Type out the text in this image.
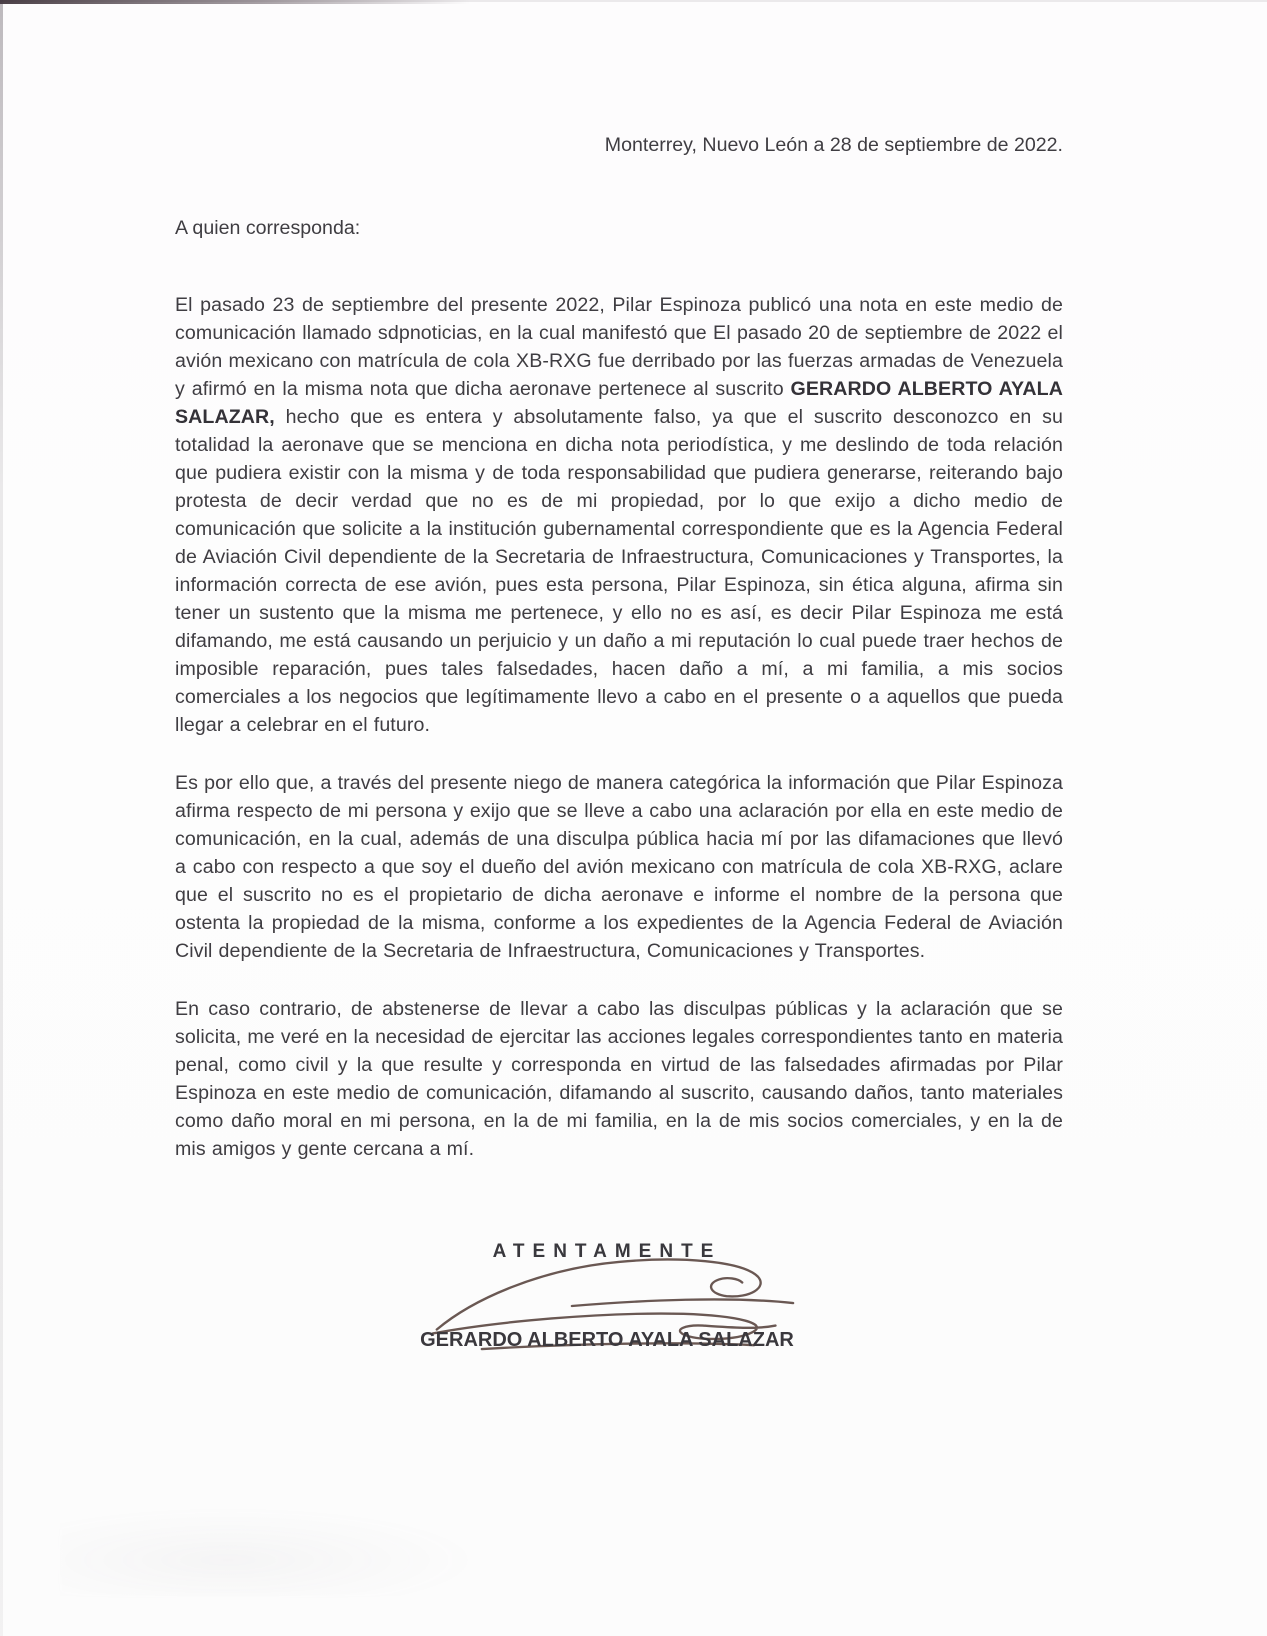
Monterrey, Nuevo León a 28 de septiembre de 2022.

A quien corresponda:

El pasado 23 de septiembre del presente 2022, Pilar Espinoza publicó una nota en este medio de comunicación llamado sdpnoticias, en la cual manifestó que El pasado 20 de septiembre de 2022 el avión mexicano con matrícula de cola XB-RXG fue derribado por las fuerzas armadas de Venezuela y afirmó en la misma nota que dicha aeronave pertenece al suscrito GERARDO ALBERTO AYALA SALAZAR, hecho que es entera y absolutamente falso, ya que el suscrito desconozco en su totalidad la aeronave que se menciona en dicha nota periodística, y me deslindo de toda relación que pudiera existir con la misma y de toda responsabilidad que pudiera generarse, reiterando bajo protesta de decir verdad que no es de mi propiedad, por lo que exijo a dicho medio de comunicación que solicite a la institución gubernamental correspondiente que es la Agencia Federal de Aviación Civil dependiente de la Secretaria de Infraestructura, Comunicaciones y Transportes, la información correcta de ese avión, pues esta persona, Pilar Espinoza, sin ética alguna, afirma sin tener un sustento que la misma me pertenece, y ello no es así, es decir Pilar Espinoza me está difamando, me está causando un perjuicio y un daño a mi reputación lo cual puede traer hechos de imposible reparación, pues tales falsedades, hacen daño a mí, a mi familia, a mis socios comerciales a los negocios que legítimamente llevo a cabo en el presente o a aquellos que pueda llegar a celebrar en el futuro.

Es por ello que, a través del presente niego de manera categórica la información que Pilar Espinoza afirma respecto de mi persona y exijo que se lleve a cabo una aclaración por ella en este medio de comunicación, en la cual, además de una disculpa pública hacia mí por las difamaciones que llevó a cabo con respecto a que soy el dueño del avión mexicano con matrícula de cola XB-RXG, aclare que el suscrito no es el propietario de dicha aeronave e informe el nombre de la persona que ostenta la propiedad de la misma, conforme a los expedientes de la Agencia Federal de Aviación Civil dependiente de la Secretaria de Infraestructura, Comunicaciones y Transportes.

En caso contrario, de abstenerse de llevar a cabo las disculpas públicas y la aclaración que se solicita, me veré en la necesidad de ejercitar las acciones legales correspondientes tanto en materia penal, como civil y la que resulte y corresponda en virtud de las falsedades afirmadas por Pilar Espinoza en este medio de comunicación, difamando al suscrito, causando daños, tanto materiales como daño moral en mi persona, en la de mi familia, en la de mis socios comerciales, y en la de mis amigos y gente cercana a mí.

ATENTAMENTE
GERARDO ALBERTO AYALA SALAZAR
